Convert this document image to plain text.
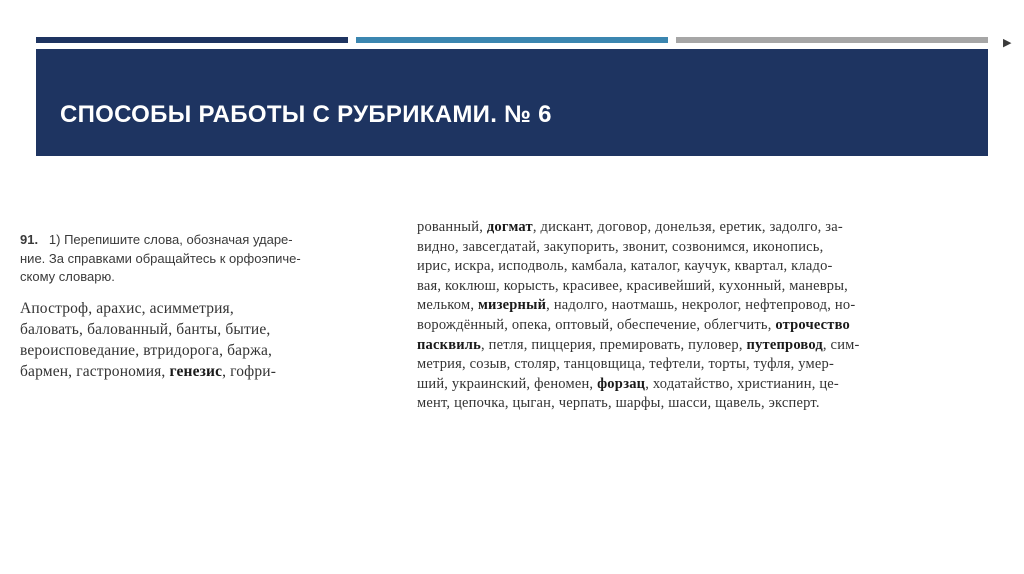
▶
СПОСОБЫ РАБОТЫ С РУБРИКАМИ. № 6

91. 1) Перепишите слова, обозначая ударе-

ние. За справками обращайтесь к орфоэпиче-

скому словарю.

Апостроф, арахис, асимметрия,
баловать, балованный, банты, бытие,
вероисповедание, втридорога, баржа,
бармен, гастрономия, генезис, гофри-
рованный, догмат, дискант, договор, донельзя, еретик, задолго, за-
видно, завсегдатай, закупорить, звонит, созвонимся, иконопись,
ирис, искра, исподволь, камбала, каталог, каучук, квартал, кладо-
вая, коклюш, корысть, красивее, красивейший, кухонный, маневры,
мельком, мизерный, надолго, наотмашь, некролог, нефтепровод, но-
ворождённый, опека, оптовый, обеспечение, облегчить, отрочество
пасквиль, петля, пиццерия, премировать, пуловер, путепровод, сим-
метрия, созыв, столяр, танцовщица, тефтели, торты, туфля, умер-
ший, украинский, феномен, форзац, ходатайство, христианин, це-
мент, цепочка, цыган, черпать, шарфы, шасси, щавель, эксперт.
